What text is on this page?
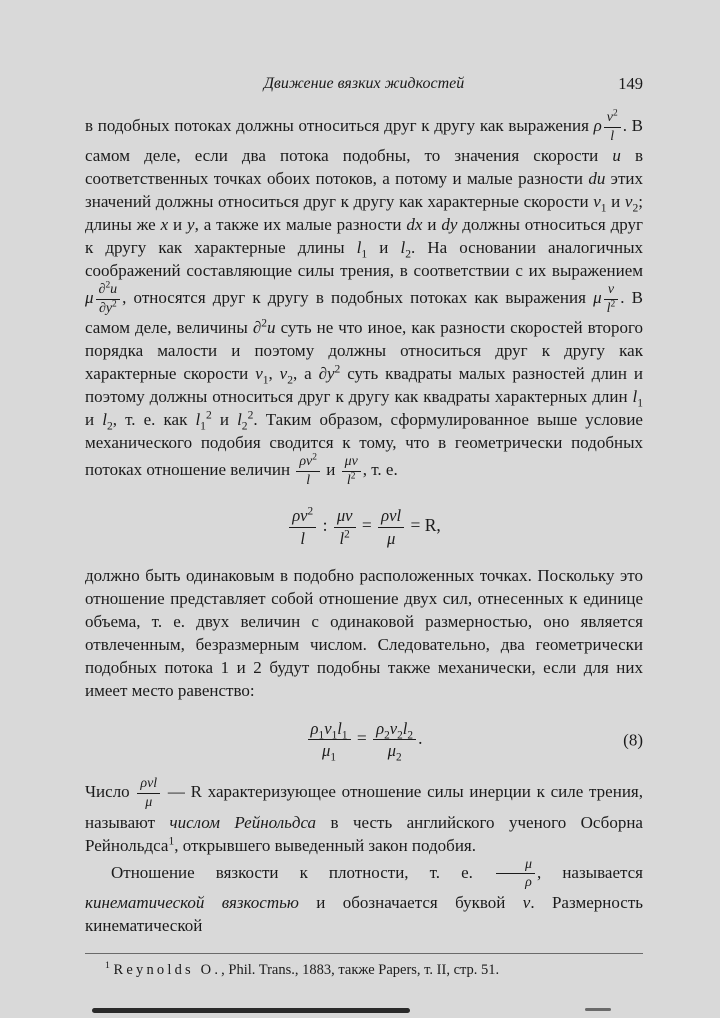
Движение вязких жидкостей	149

в подобных потоках должны относиться друг к другу как выражения ρ $\frac{v^2}{l}$ . В самом деле, если два потока подобны, то значения скорости u в соответственных точках обоих потоков, а потому и малые разности du этих значений должны относиться друг к другу как характерные скорости $v_1$ и $v_2$; длины же x и y, а также их малые разности dx и dy должны относиться друг к другу как характерные длины $l_1$ и $l_2$. На основании аналогичных соображений составляющие силы трения, в соответствии с их выражением μ $\frac{\partial^2u}{\partial y^2}$ , относятся друг к другу в подобных потоках как выражения μ $\frac{v}{l^2}$ . В самом деле, величины ∂$^2$u суть не что иное, как разности скоростей второго порядка малости и поэтому должны относиться друг к другу как характерные скорости $v_1$, $v_2$, а $\partial y^2$ суть квадраты малых разностей длин и поэтому должны относиться друг к другу как квадраты характерных длин $l_1$ и $l_2$, т. е. как $l_1^2$ и $l_2^2$. Таким образом, сформулированное выше условие механического подобия сводится к тому, что в геометрически подобных потоках отношение величин $\frac{\rho v^2}{l}$ и $\frac{\mu v}{l^2}$ , т. е.

$\frac{\rho v^2}{l}$ : $\frac{\mu v}{l^2} = \frac{\text{ρvl}}{\mu} = R$,

должно быть одинаковым в подобно расположенных точках. Поскольку это отношение представляет собой отношение двух сил, отнесенных к единице объема, т. е. двух величин с одинаковой размерностью, оно является отвлеченным, безразмерным числом. Следовательно, два геометрически подобных потока 1 и 2 будут подобны также механически, если для них имеет место равенство:

$\frac{\rho_1v_1l_1}{\mu_1} = \frac{\rho_2v_2l_2}{\mu_2}$ .	(8)

Число $\frac{\text{ρvl}}{\mu}$ — R характеризующее отношение силы инерции к силе трения, называют числом Рейнольдса в честь английского ученого Осборна Рейнольдса$^1$, открывшего выведенный закон подобия.

Отношение вязкости к плотности, т. е. $\frac{\mu}{\rho}$ , называется кинематической вязкостью и обозначается буквой ν. Размерность кинематической

$^1$ Reynolds O., Phil. Trans., 1883, также Papers, т. II, стр. 51.
